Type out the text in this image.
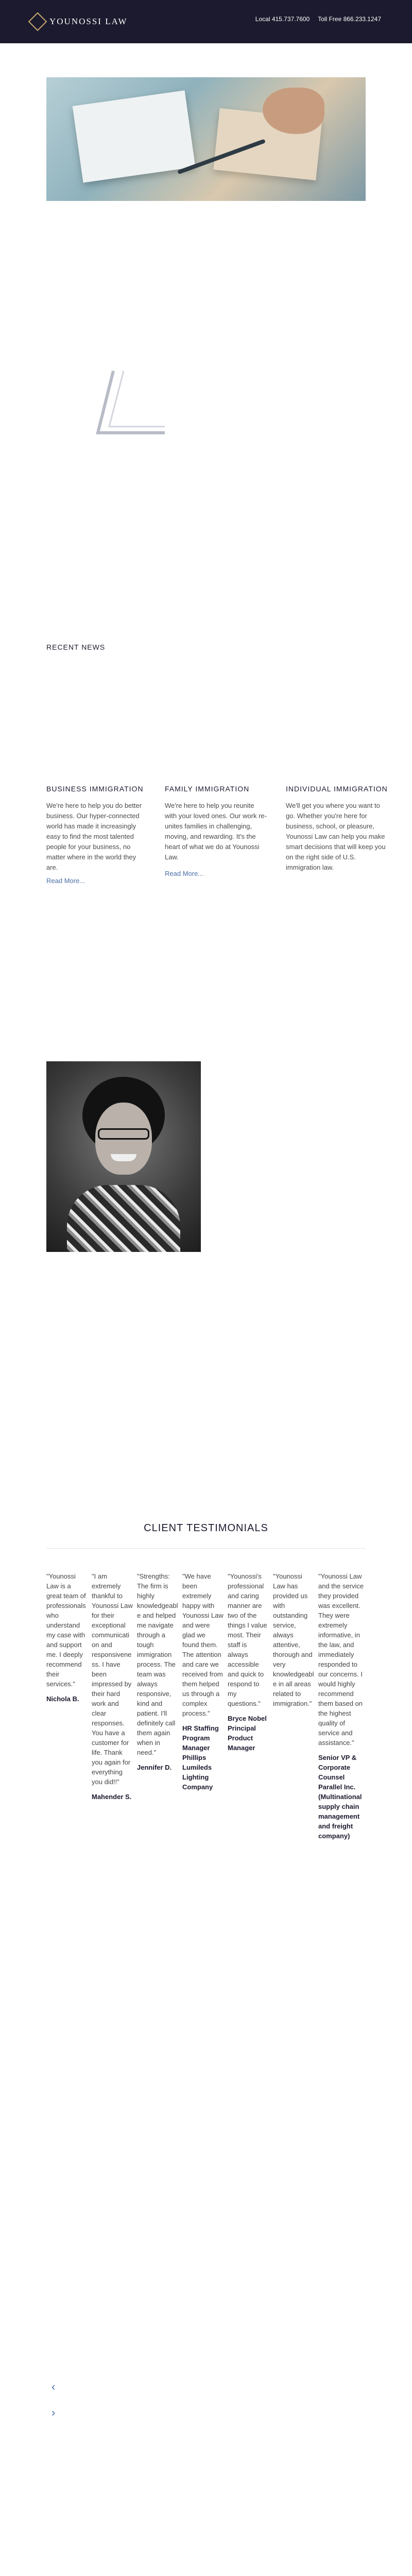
YOUNOSSI LAW	Local 415.737.7600 Toll Free 866.233.1247
RECENT NEWS
BUSINESS IMMIGRATION

We're here to help you do better business. Our hyper-connected world has made it increasingly easy to find the most talented people for your business, no matter where in the world they are.

Read More...
FAMILY IMMIGRATION

We're here to help you reunite with your loved ones. Our work re-unites families in challenging, moving, and rewarding. It's the heart of what we do at Younossi Law.

Read More...
INDIVIDUAL IMMIGRATION

We'll get you where you want to go. Whether you're here for business, school, or pleasure, Younossi Law can help you make smart decisions that will keep you on the right side of U.S. immigration law.

CLIENT TESTIMONIALS
"Younossi Law is a great team of professionals who understand my case with and support me. I deeply recommend their services."
Nichola B.
"I am extremely thankful to Younossi Law for their exceptional communication and responsiveness. I have been impressed by their hard work and clear responses. You have a customer for life. Thank you again for everything you did!!"
Mahender S.
"Strengths: The firm is highly knowledgeable and helped me navigate through a tough immigration process. The team was always responsive, kind and patient. I'll definitely call them again when in need."
Jennifer D.
"We have been extremely happy with Younossi Law and were glad we found them. The attention and care we received from them helped us through a complex process."
HR Staffing Program Manager Phillips Lumileds Lighting Company
"Younossi's professional and caring manner are two of the things I value most. Their staff is always accessible and quick to respond to my questions."
Bryce Nobel Principal Product Manager
"Younossi Law has provided us with outstanding service, always attentive, thorough and very knowledgeable in all areas related to immigration."
"Younossi Law and the service they provided was excellent. They were extremely informative, in the law, and immediately responded to our concerns. I would highly recommend them based on the highest quality of service and assistance."
Senior VP & Corporate Counsel Parallel Inc. (Multinational supply chain management and freight company)
‹
›
